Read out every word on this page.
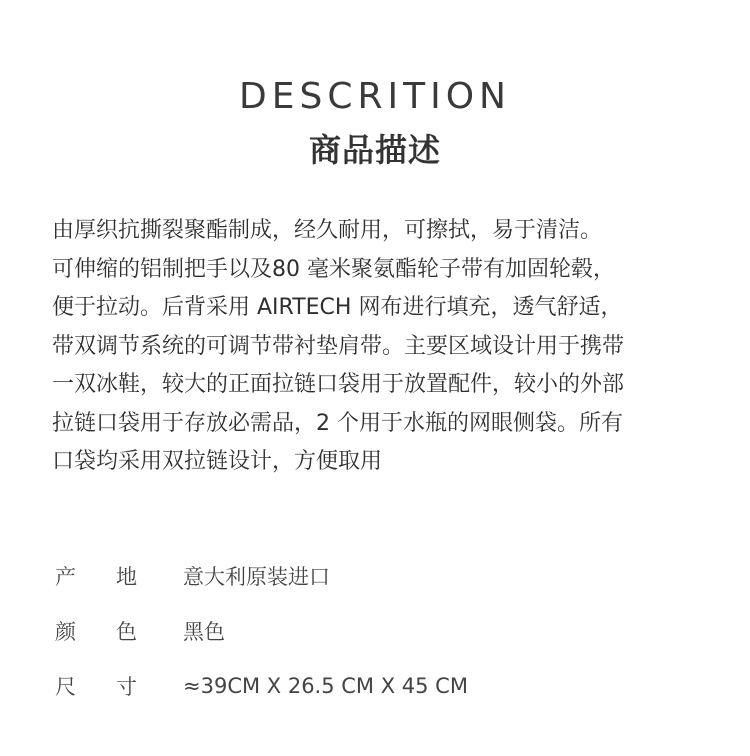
DESCRITION
商品描述
由厚织抗撕裂聚酯制成，经久耐用，可擦拭，易于清洁。
可伸缩的铝制把手以及80 毫米聚氨酯轮子带有加固轮毂，
便于拉动。后背采用 AIRTECH 网布进行填充，透气舒适，
带双调节系统的可调节带衬垫肩带。主要区域设计用于携带
一双冰鞋，较大的正面拉链口袋用于放置配件，较小的外部
拉链口袋用于存放必需品，2 个用于水瓶的网眼侧袋。所有
口袋均采用双拉链设计，方便取用
产	地	意大利原装进口
颜	色	黑色
尺	寸	≈39CM X 26.5 CM X 45 CM
